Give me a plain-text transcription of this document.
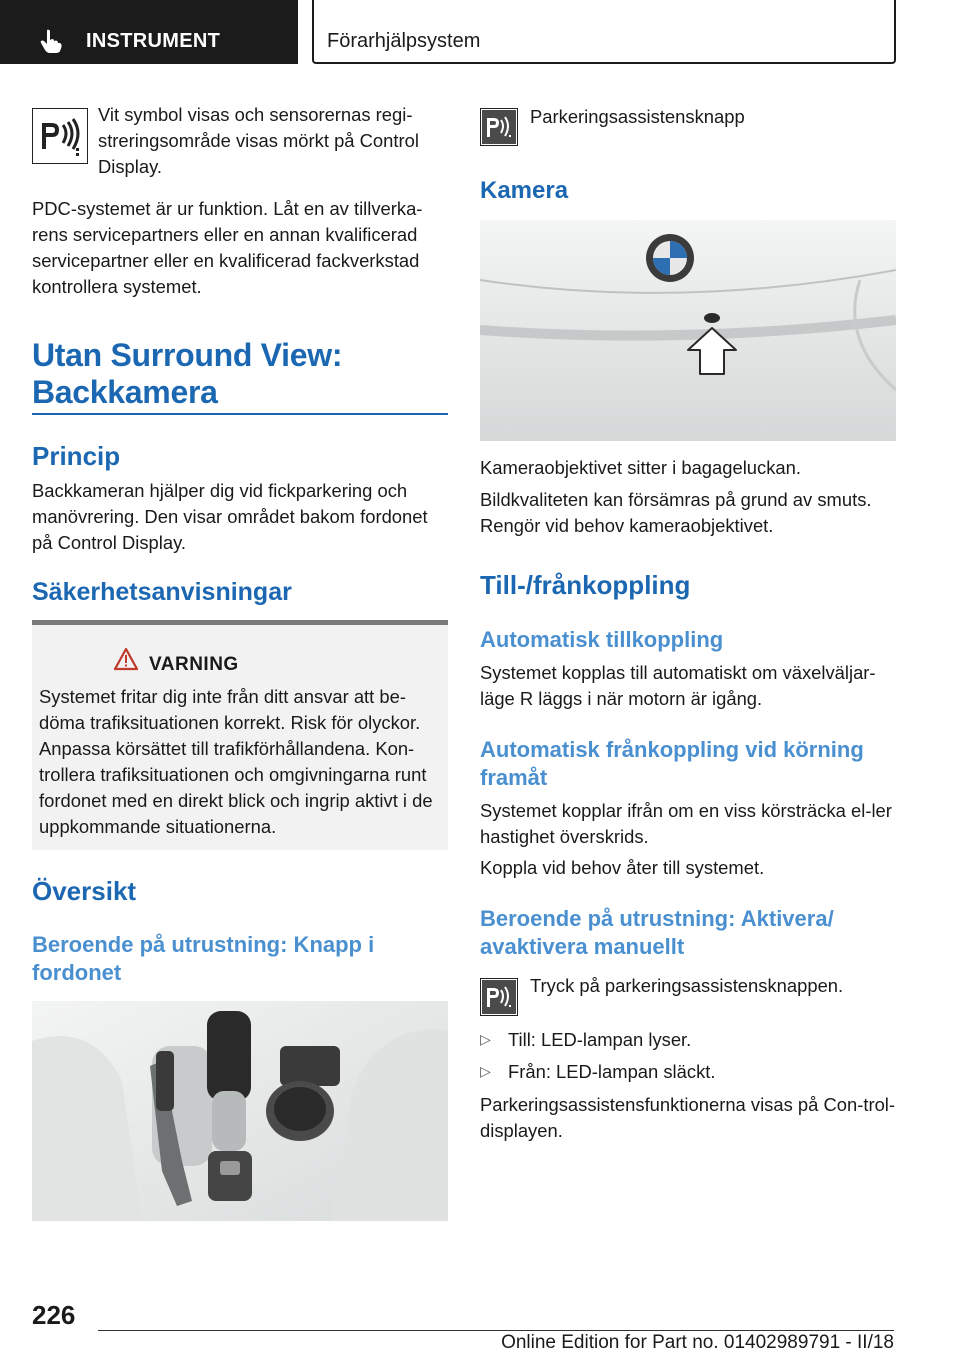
INSTRUMENT	Förarhjälpsystem

Vit symbol visas och sensorernas regi-streringsområde visas mörkt på Control Display.

PDC-systemet är ur funktion. Låt en av tillverka-rens servicepartners eller en annan kvalificerad servicepartner eller en kvalificerad fackverkstad kontrollera systemet.

Utan Surround View:
Backkamera
Princip

Backkameran hjälper dig vid fickparkering och manövrering. Den visar området bakom fordonet på Control Display.

Säkerhetsanvisningar
VARNING

Systemet fritar dig inte från ditt ansvar att be-döma trafiksituationen korrekt. Risk för olyckor. Anpassa körsättet till trafikförhållandena. Kon-trollera trafiksituationen och omgivningarna runt fordonet med en direkt blick och ingrip aktivt i de uppkommande situationerna.

Översikt
Beroende på utrustning: Knapp i fordonet

Parkeringsassistensknapp

Kamera

Kameraobjektivet sitter i bagageluckan.

Bildkvaliteten kan försämras på grund av smuts. Rengör vid behov kameraobjektivet.

Till-/frånkoppling
Automatisk tillkoppling

Systemet kopplas till automatiskt om växelväljar-läge R läggs i när motorn är igång.

Automatisk frånkoppling vid körning framåt

Systemet kopplar ifrån om en viss körsträcka el-ler hastighet överskrids.

Koppla vid behov åter till systemet.

Beroende på utrustning: Aktivera/ avaktivera manuellt

Tryck på parkeringsassistensknappen.

▷ Till: LED-lampan lyser.
▷ Från: LED-lampan släckt.

Parkeringsassistensfunktionerna visas på Con-trol-displayen.

226
Online Edition for Part no. 01402989791 - II/18
